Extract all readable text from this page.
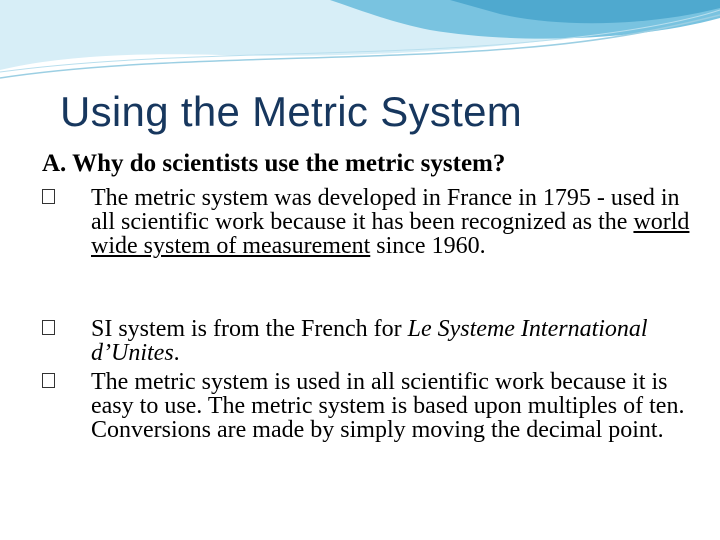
Using the Metric System
A. Why do scientists use the metric system?
The metric system was developed in France in 1795 - used in all scientific work because it has been recognized as the world wide system of measurement since 1960.
SI system is from the French for Le Systeme International d’Unites.
The metric system is used in all scientific work because it is easy to use. The metric system is based upon multiples of ten. Conversions are made by simply moving the decimal point.
